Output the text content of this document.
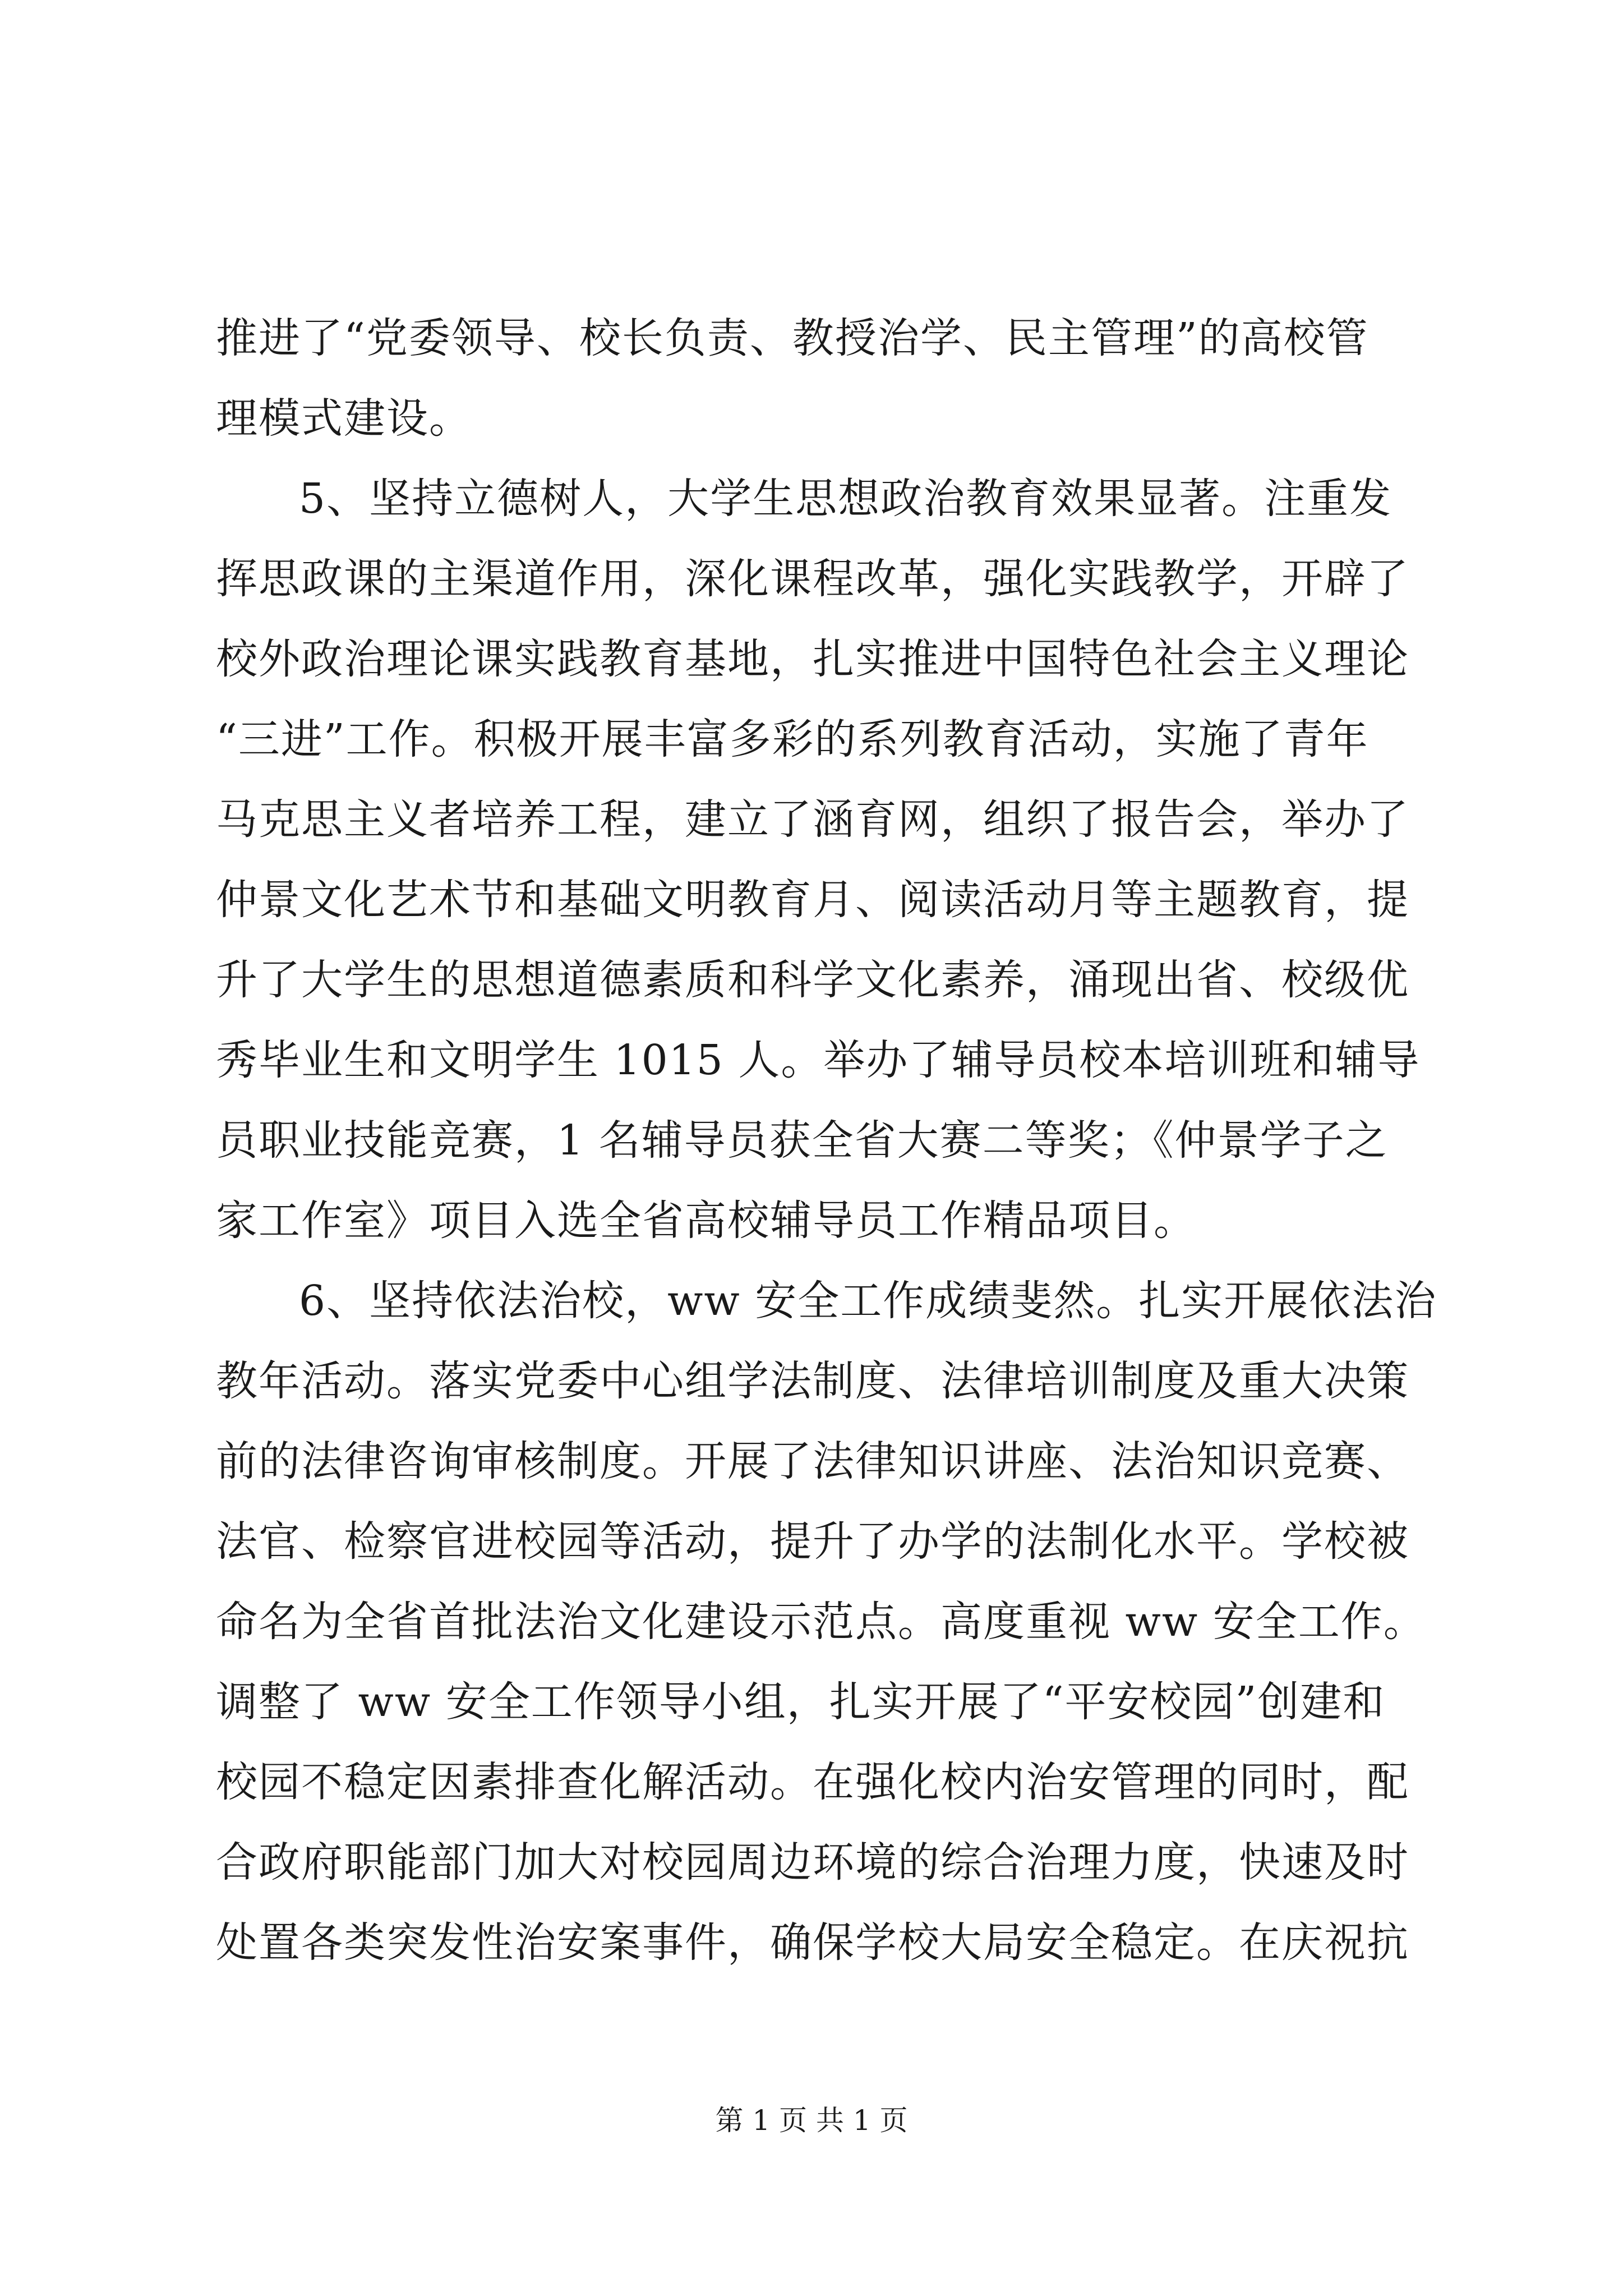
推进了“党委领导、校长负责、教授治学、民主管理”的高校管
理模式建设。
5、坚持立德树人，大学生思想政治教育效果显著。注重发
挥思政课的主渠道作用，深化课程改革，强化实践教学，开辟了
校外政治理论课实践教育基地，扎实推进中国特色社会主义理论
“三进”工作。积极开展丰富多彩的系列教育活动，实施了青年
马克思主义者培养工程，建立了涵育网，组织了报告会，举办了
仲景文化艺术节和基础文明教育月、阅读活动月等主题教育，提
升了大学生的思想道德素质和科学文化素养，涌现出省、校级优
秀毕业生和文明学生 1015 人。举办了辅导员校本培训班和辅导
员职业技能竞赛，1 名辅导员获全省大赛二等奖；《仲景学子之
家工作室》项目入选全省高校辅导员工作精品项目。
6、坚持依法治校，ww 安全工作成绩斐然。扎实开展依法治
教年活动。落实党委中心组学法制度、法律培训制度及重大决策
前的法律咨询审核制度。开展了法律知识讲座、法治知识竞赛、
法官、检察官进校园等活动，提升了办学的法制化水平。学校被
命名为全省首批法治文化建设示范点。高度重视 ww 安全工作。
调整了 ww 安全工作领导小组，扎实开展了“平安校园”创建和
校园不稳定因素排查化解活动。在强化校内治安管理的同时，配
合政府职能部门加大对校园周边环境的综合治理力度，快速及时
处置各类突发性治安案事件，确保学校大局安全稳定。在庆祝抗
第 1 页 共 1 页
